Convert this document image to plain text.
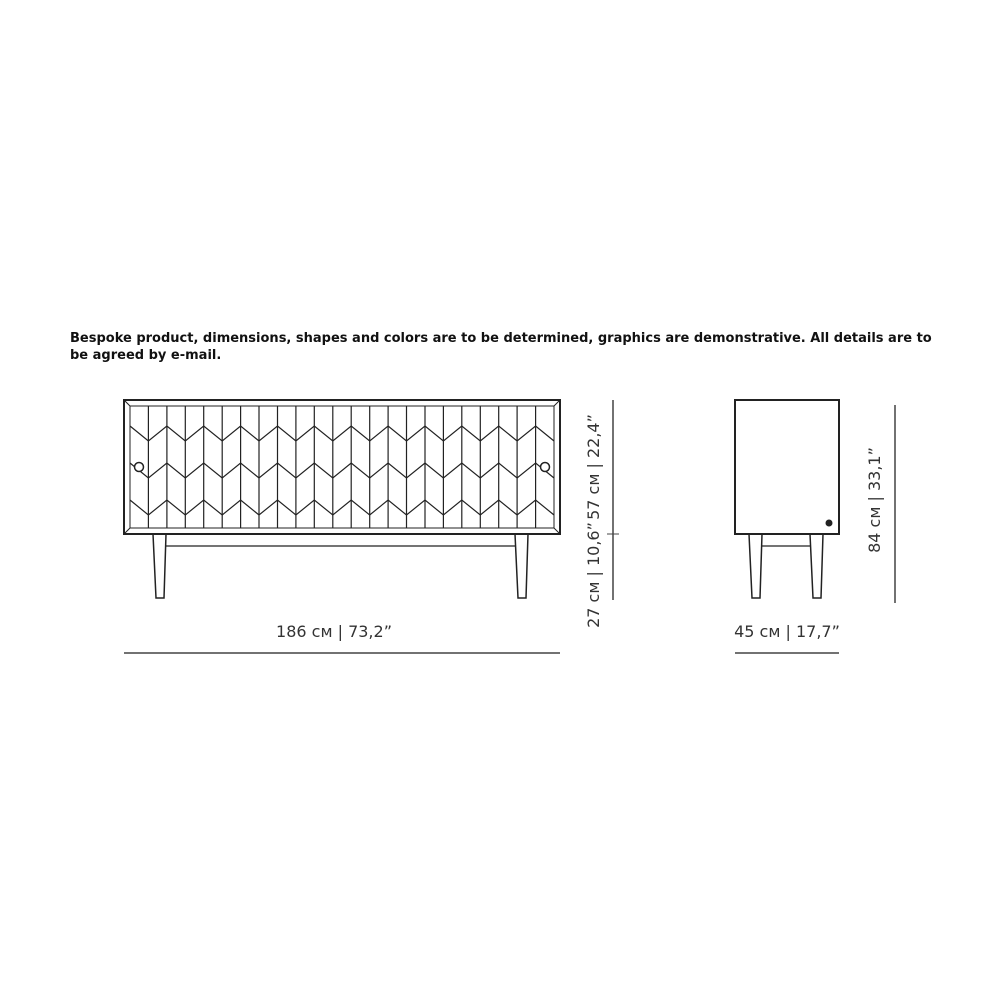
Bespoke product, dimensions, shapes and colors are to be determined, graphics are demonstrative. All details are to be agreed by e-mail.

186 см | 73,2”
57 см | 22,4”
27 см | 10,6”
45 см | 17,7”
84 см | 33,1”
